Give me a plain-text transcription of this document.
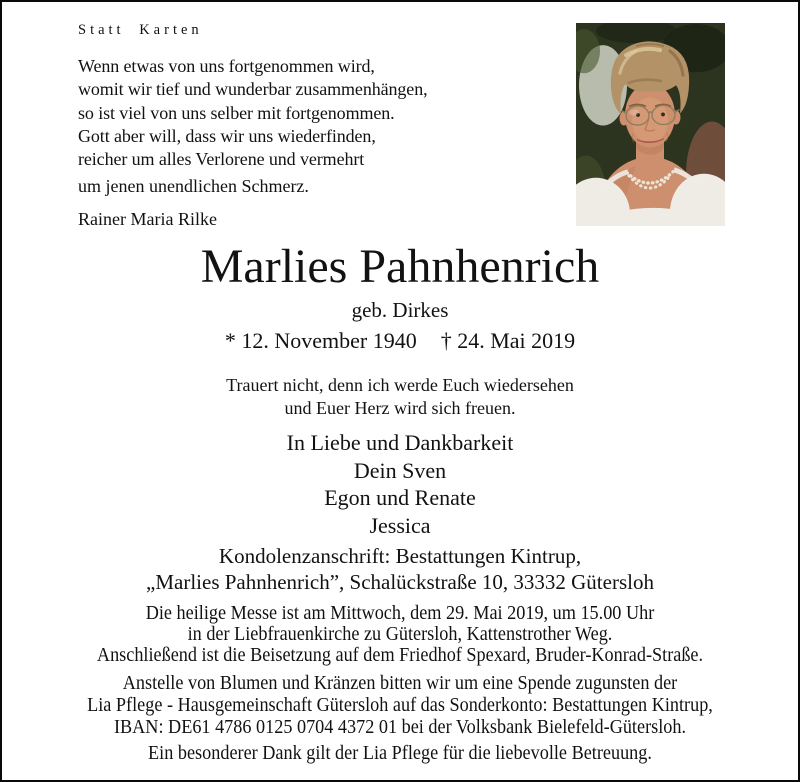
Statt Karten
Wenn etwas von uns fortgenommen wird,
womit wir tief und wunderbar zusammenhängen,
so ist viel von uns selber mit fortgenommen.
Gott aber will, dass wir uns wiederfinden,
reicher um alles Verlorene und vermehrt
um jenen unendlichen Schmerz.
Rainer Maria Rilke
Marlies Pahnhenrich
geb. Dirkes
* 12. November 1940 † 24. Mai 2019
Trauert nicht, denn ich werde Euch wiedersehen
und Euer Herz wird sich freuen.
In Liebe und Dankbarkeit
Dein Sven
Egon und Renate
Jessica
Kondolenzanschrift: Bestattungen Kintrup,
„Marlies Pahnhenrich”, Schalückstraße 10, 33332 Gütersloh
Die heilige Messe ist am Mittwoch, dem 29. Mai 2019, um 15.00 Uhr
in der Liebfrauenkirche zu Gütersloh, Kattenstrother Weg.
Anschließend ist die Beisetzung auf dem Friedhof Spexard, Bruder-Konrad-Straße.
Anstelle von Blumen und Kränzen bitten wir um eine Spende zugunsten der
Lia Pflege - Hausgemeinschaft Gütersloh auf das Sonderkonto: Bestattungen Kintrup,
IBAN: DE61 4786 0125 0704 4372 01 bei der Volksbank Bielefeld-Gütersloh.
Ein besonderer Dank gilt der Lia Pflege für die liebevolle Betreuung.
